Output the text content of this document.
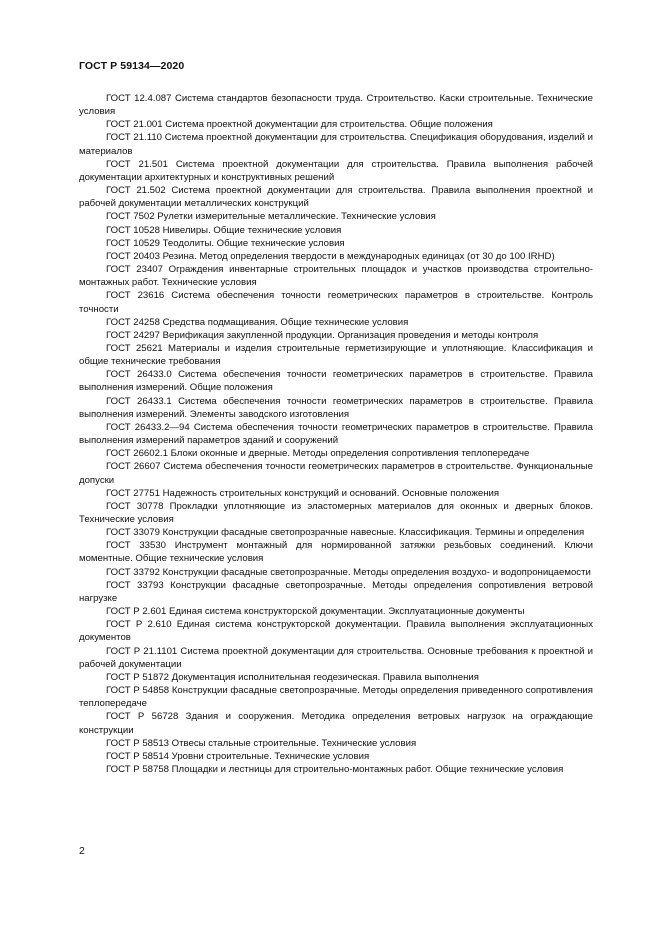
ГОСТ Р 59134—2020
ГОСТ 12.4.087 Система стандартов безопасности труда. Строительство. Каски строительные. Технические условия
ГОСТ 21.001 Система проектной документации для строительства. Общие положения
ГОСТ 21.110 Система проектной документации для строительства. Спецификация оборудования, изделий и материалов
ГОСТ 21.501 Система проектной документации для строительства. Правила выполнения рабочей документации архитектурных и конструктивных решений
ГОСТ 21.502 Система проектной документации для строительства. Правила выполнения проектной и рабочей документации металлических конструкций
ГОСТ 7502 Рулетки измерительные металлические. Технические условия
ГОСТ 10528 Нивелиры. Общие технические условия
ГОСТ 10529 Теодолиты. Общие технические условия
ГОСТ 20403 Резина. Метод определения твердости в международных единицах (от 30 до 100 IRHD)
ГОСТ 23407 Ограждения инвентарные строительных площадок и участков производства строительно-монтажных работ. Технические условия
ГОСТ 23616 Система обеспечения точности геометрических параметров в строительстве. Контроль точности
ГОСТ 24258 Средства подмащивания. Общие технические условия
ГОСТ 24297 Верификация закупленной продукции. Организация проведения и методы контроля
ГОСТ 25621 Материалы и изделия строительные герметизирующие и уплотняющие. Классификация и общие технические требования
ГОСТ 26433.0 Система обеспечения точности геометрических параметров в строительстве. Правила выполнения измерений. Общие положения
ГОСТ 26433.1 Система обеспечения точности геометрических параметров в строительстве. Правила выполнения измерений. Элементы заводского изготовления
ГОСТ 26433.2—94 Система обеспечения точности геометрических параметров в строительстве. Правила выполнения измерений параметров зданий и сооружений
ГОСТ 26602.1 Блоки оконные и дверные. Методы определения сопротивления теплопередаче
ГОСТ 26607 Система обеспечения точности геометрических параметров в строительстве. Функциональные допуски
ГОСТ 27751 Надежность строительных конструкций и оснований. Основные положения
ГОСТ 30778 Прокладки уплотняющие из эластомерных материалов для оконных и дверных блоков. Технические условия
ГОСТ 33079 Конструкции фасадные светопрозрачные навесные. Классификация. Термины и определения
ГОСТ 33530 Инструмент монтажный для нормированной затяжки резьбовых соединений. Ключи моментные. Общие технические условия
ГОСТ 33792 Конструкции фасадные светопрозрачные. Методы определения воздухо- и водопроницаемости
ГОСТ 33793 Конструкции фасадные светопрозрачные. Методы определения сопротивления ветровой нагрузке
ГОСТ Р 2.601 Единая система конструкторской документации. Эксплуатационные документы
ГОСТ Р 2.610 Единая система конструкторской документации. Правила выполнения эксплуатационных документов
ГОСТ Р 21.1101 Система проектной документации для строительства. Основные требования к проектной и рабочей документации
ГОСТ Р 51872 Документация исполнительная геодезическая. Правила выполнения
ГОСТ Р 54858 Конструкции фасадные светопрозрачные. Методы определения приведенного сопротивления теплопередаче
ГОСТ Р 56728 Здания и сооружения. Методика определения ветровых нагрузок на ограждающие конструкции
ГОСТ Р 58513 Отвесы стальные строительные. Технические условия
ГОСТ Р 58514 Уровни строительные. Технические условия
ГОСТ Р 58758 Площадки и лестницы для строительно-монтажных работ. Общие технические условия
2
